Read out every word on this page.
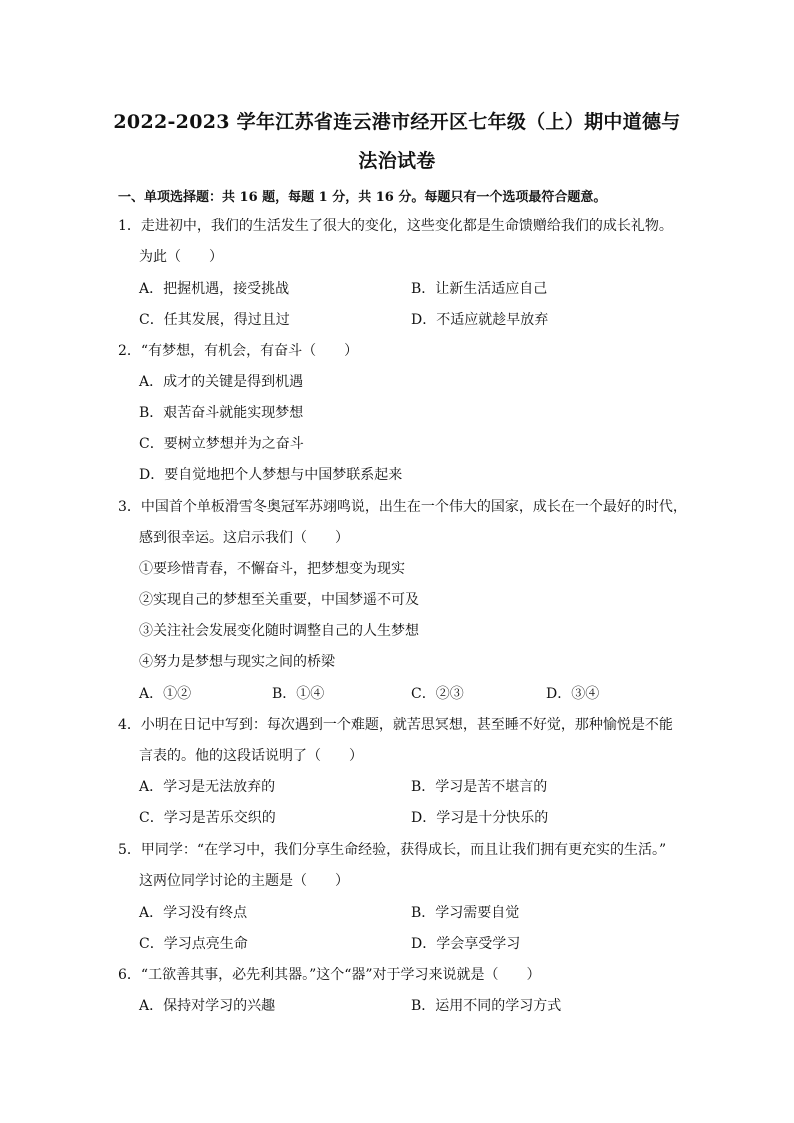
2022-2023 学年江苏省连云港市经开区七年级（上）期中道德与
法治试卷
一、单项选择题：共 16 题，每题 1 分，共 16 分。每题只有一个选项最符合题意。
1．走进初中，我们的生活发生了很大的变化，这些变化都是生命馈赠给我们的成长礼物。
为此（　　）
A．把握机遇，接受挑战	B．让新生活适应自己
C．任其发展，得过且过	D．不适应就趁早放弃
2．“有梦想，有机会，有奋斗（　　）
A．成才的关键是得到机遇
B．艰苦奋斗就能实现梦想
C．要树立梦想并为之奋斗
D．要自觉地把个人梦想与中国梦联系起来
3．中国首个单板滑雪冬奥冠军苏翊鸣说，出生在一个伟大的国家，成长在一个最好的时代，
感到很幸运。这启示我们（　　）
①要珍惜青春，不懈奋斗，把梦想变为现实
②实现自己的梦想至关重要，中国梦遥不可及
③关注社会发展变化随时调整自己的人生梦想
④努力是梦想与现实之间的桥梁
A．①②	B．①④	C．②③	D．③④
4．小明在日记中写到：每次遇到一个难题，就苦思冥想，甚至睡不好觉，那种愉悦是不能
言表的。他的这段话说明了（　　）
A．学习是无法放弃的	B．学习是苦不堪言的
C．学习是苦乐交织的	D．学习是十分快乐的
5．甲同学：“在学习中，我们分享生命经验，获得成长，而且让我们拥有更充实的生活。”
这两位同学讨论的主题是（　　）
A．学习没有终点	B．学习需要自觉
C．学习点亮生命	D．学会享受学习
6．“工欲善其事，必先利其器。”这个“器”对于学习来说就是（　　）
A．保持对学习的兴趣	B．运用不同的学习方式
